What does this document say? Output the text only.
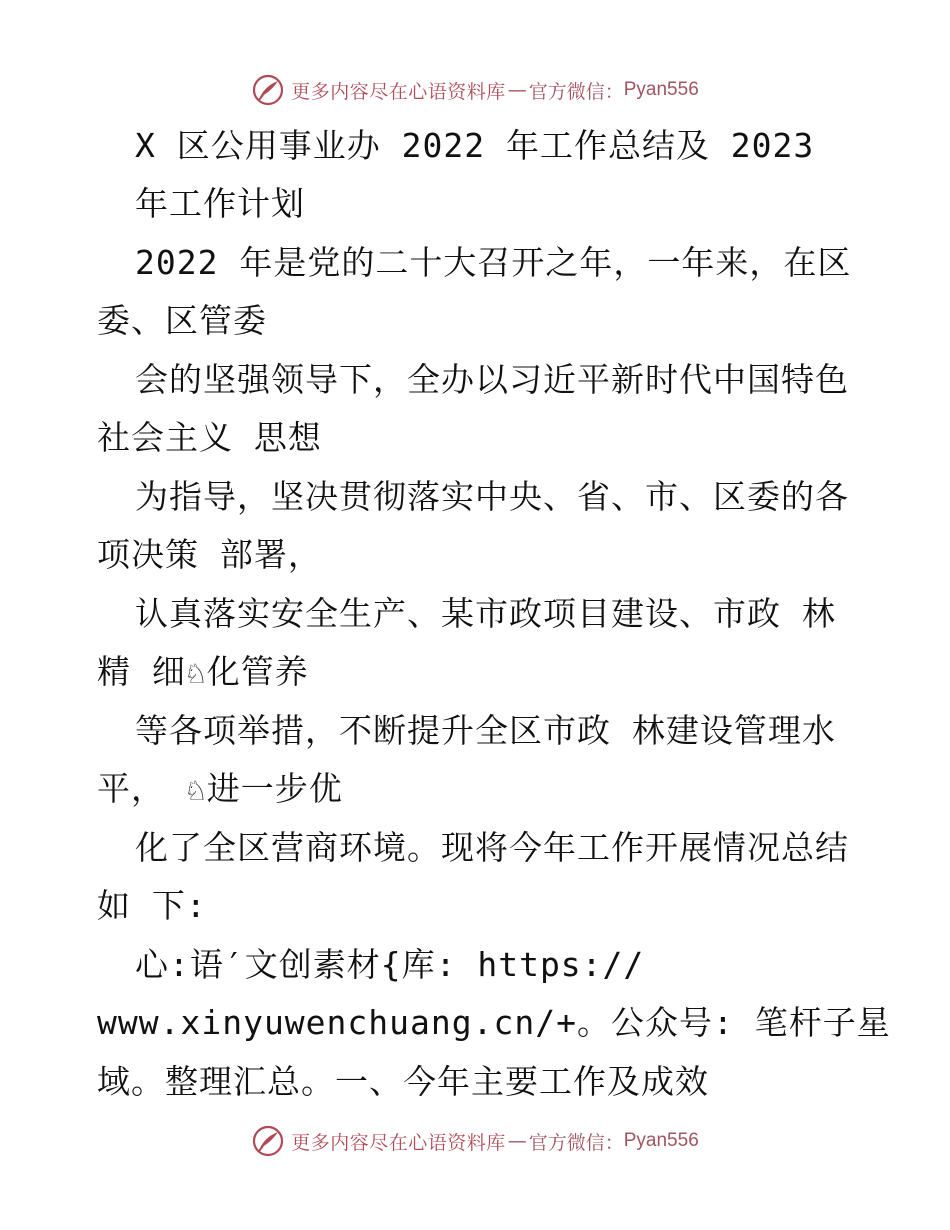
更多内容尽在心语资料库 — 官方微信： Pyan556
X 区公用事业办 2022 年工作总结及 2023
年工作计划
2022 年是党的二十大召开之年，一年来，在区
委、区管委
会的坚强领导下，全办以习近平新时代中国特色
社会主义 思想
为指导，坚决贯彻落实中央、省、市、区委的各
项决策 部署，
认真落实安全生产、某市政项目建设、市政 林
精 细♘化管养
等各项举措，不断提升全区市政 林建设管理水
平， ♘进一步优
化了全区营商环境。现将今年工作开展情况总结
如 下:
心:语′文创素材{库: https://
www.xinyuwenchuang.cn/+。公众号: 笔杆子星
域。整理汇总。一、今年主要工作及成效
更多内容尽在心语资料库 — 官方微信： Pyan556
